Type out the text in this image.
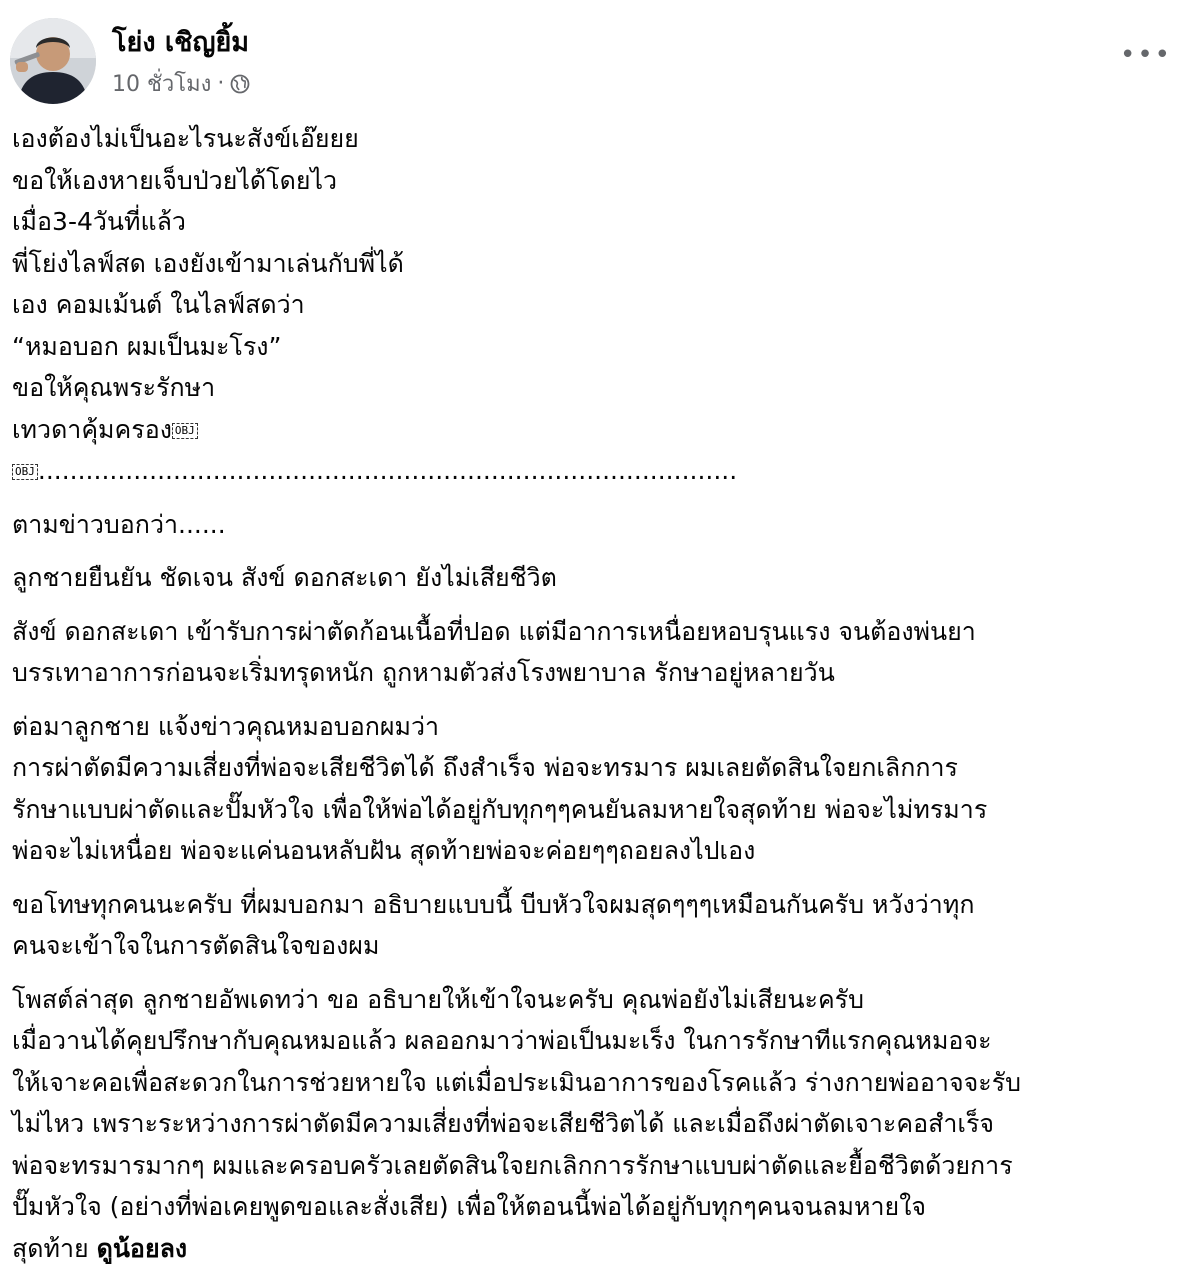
โย่ง เชิญยิ้ม
10 ชั่วโมง ·
•••
เองต้องไม่เป็นอะไรนะสังข์เอ๊ยยย
ขอให้เองหายเจ็บป่วยได้โดยไว
เมื่อ3-4วันที่แล้ว
พี่โย่งไลฟ์สด เองยังเข้ามาเล่นกับพี่ได้
เอง คอมเม้นต์ ในไลฟ์สดว่า
“หมอบอก ผมเป็นมะโรง”
ขอให้คุณพระรักษา
เทวดาคุ้มครอง OBJ
OBJ ........................................................................................
ตามข่าวบอกว่า......
ลูกชายยืนยัน ชัดเจน สังข์ ดอกสะเดา ยังไม่เสียชีวิต
สังข์ ดอกสะเดา เข้ารับการผ่าตัดก้อนเนื้อที่ปอด แต่มีอาการเหนื่อยหอบรุนแรง จนต้องพ่นยา
บรรเทาอาการก่อนจะเริ่มทรุดหนัก ถูกหามตัวส่งโรงพยาบาล รักษาอยู่หลายวัน
ต่อมาลูกชาย แจ้งข่าวคุณหมอบอกผมว่า
การผ่าตัดมีความเสี่ยงที่พ่อจะเสียชีวิตได้ ถึงสำเร็จ พ่อจะทรมาร ผมเลยตัดสินใจยกเลิกการ
รักษาแบบผ่าตัดและปั๊มหัวใจ เพื่อให้พ่อได้อยู่กับทุกๆๆคนยันลมหายใจสุดท้าย พ่อจะไม่ทรมาร
พ่อจะไม่เหนื่อย พ่อจะแค่นอนหลับฝัน สุดท้ายพ่อจะค่อยๆๆถอยลงไปเอง
ขอโทษทุกคนนะครับ ที่ผมบอกมา อธิบายแบบนี้ บีบหัวใจผมสุดๆๆๆเหมือนกันครับ หวังว่าทุก
คนจะเข้าใจในการตัดสินใจของผม
โพสต์ล่าสุด ลูกชายอัพเดทว่า ขอ อธิบายให้เข้าใจนะครับ คุณพ่อยังไม่เสียนะครับ
เมื่อวานได้คุยปรึกษากับคุณหมอแล้ว ผลออกมาว่าพ่อเป็นมะเร็ง ในการรักษาทีแรกคุณหมอจะ
ให้เจาะคอเพื่อสะดวกในการช่วยหายใจ แต่เมื่อประเมินอาการของโรคแล้ว ร่างกายพ่ออาจจะรับ
ไม่ไหว เพราะระหว่างการผ่าตัดมีความเสี่ยงที่พ่อจะเสียชีวิตได้ และเมื่อถึงผ่าตัดเจาะคอสำเร็จ
พ่อจะทรมารมากๆ ผมและครอบครัวเลยตัดสินใจยกเลิกการรักษาแบบผ่าตัดและยื้อชีวิตด้วยการ
ปั๊มหัวใจ (อย่างที่พ่อเคยพูดขอและสั่งเสีย) เพื่อให้ตอนนี้พ่อได้อยู่กับทุกๆคนจนลมหายใจ
สุดท้าย ดูน้อยลง
